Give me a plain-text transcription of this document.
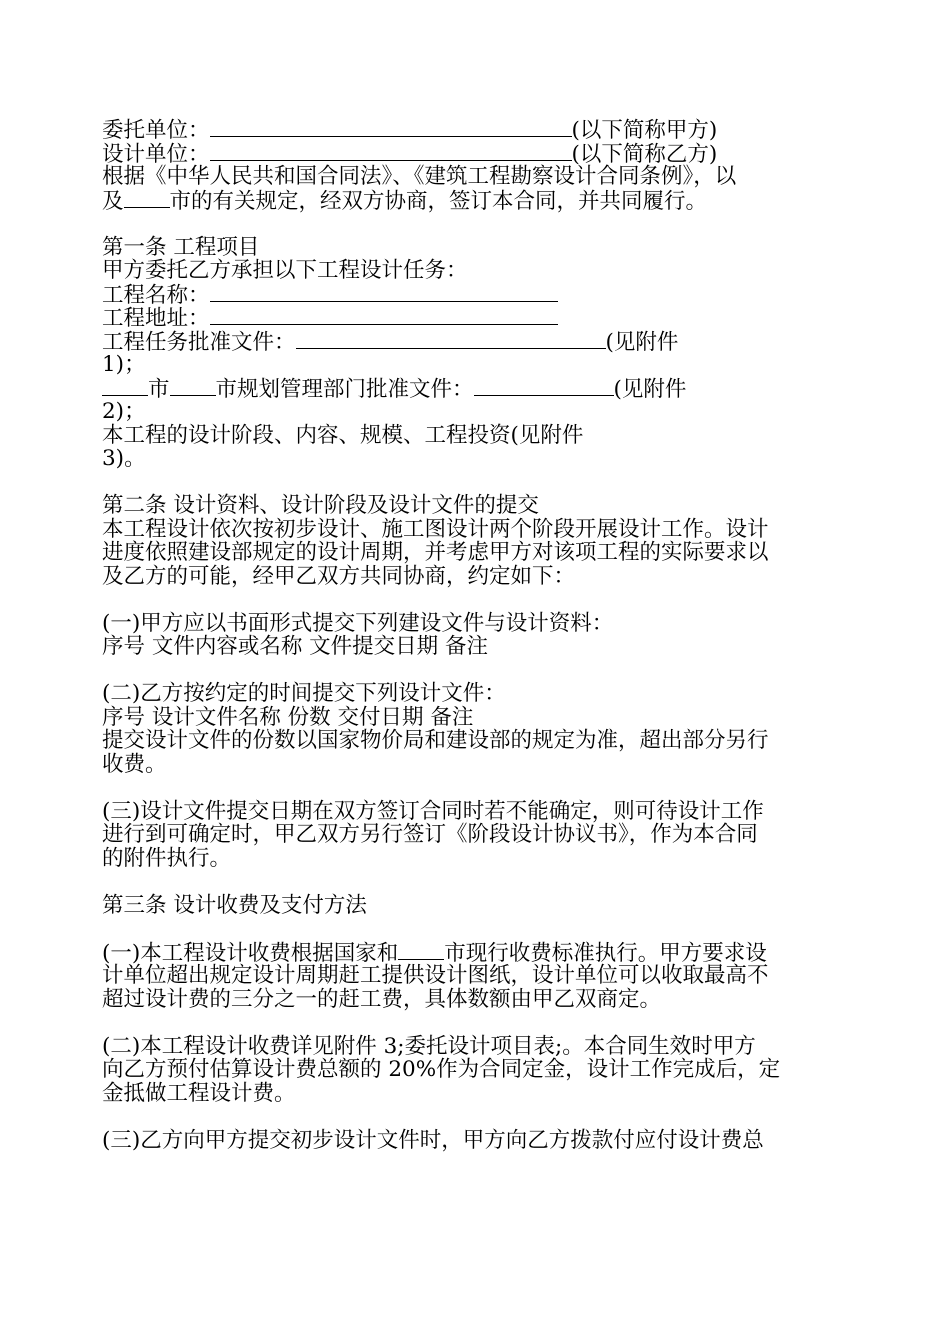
委托单位：	(以下简称甲方)
设计单位：	(以下简称乙方)
根据《中华人民共和国合同法》、《建筑工程勘察设计合同条例》，以
及 市的有关规定，经双方协商，签订本合同，并共同履行。
第一条 工程项目
甲方委托乙方承担以下工程设计任务：
工程名称：
工程地址：
工程任务批准文件：	(见附件
1)；
市 市规划管理部门批准文件：	(见附件
2)；
本工程的设计阶段、内容、规模、工程投资(见附件
3)。
第二条 设计资料、设计阶段及设计文件的提交
本工程设计依次按初步设计、施工图设计两个阶段开展设计工作。设计
进度依照建设部规定的设计周期，并考虑甲方对该项工程的实际要求以
及乙方的可能，经甲乙双方共同协商，约定如下：
(一)甲方应以书面形式提交下列建设文件与设计资料：
序号 文件内容或名称 文件提交日期 备注
(二)乙方按约定的时间提交下列设计文件：
序号 设计文件名称 份数 交付日期 备注
提交设计文件的份数以国家物价局和建设部的规定为准，超出部分另行
收费。
(三)设计文件提交日期在双方签订合同时若不能确定，则可待设计工作
进行到可确定时，甲乙双方另行签订《阶段设计协议书》，作为本合同
的附件执行。
第三条 设计收费及支付方法
(一)本工程设计收费根据国家和 市现行收费标准执行。甲方要求设
计单位超出规定设计周期赶工提供设计图纸，设计单位可以收取最高不
超过设计费的三分之一的赶工费，具体数额由甲乙双商定。
(二)本工程设计收费详见附件 3;委托设计项目表;。本合同生效时甲方
向乙方预付估算设计费总额的 20%作为合同定金，设计工作完成后，定
金抵做工程设计费。
(三)乙方向甲方提交初步设计文件时，甲方向乙方拨款付应付设计费总
